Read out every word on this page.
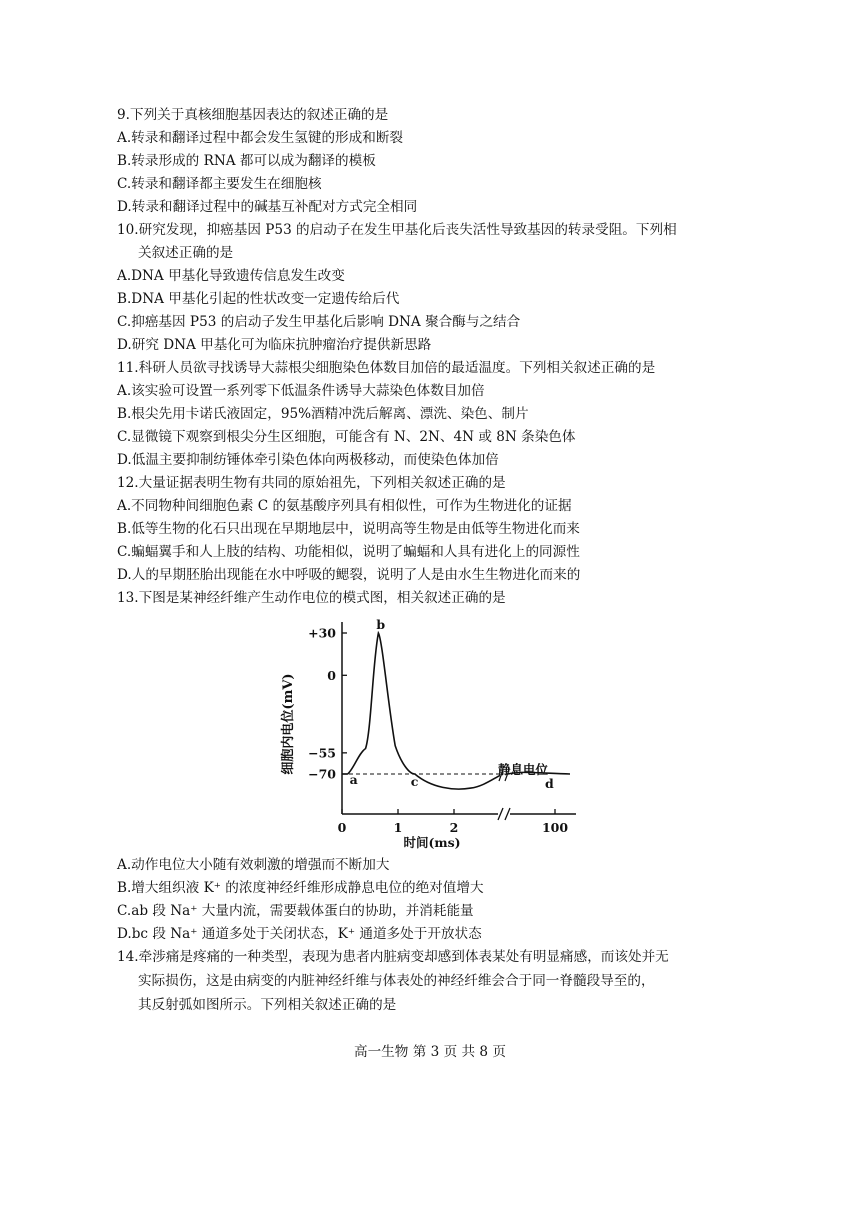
9.下列关于真核细胞基因表达的叙述正确的是
A.转录和翻译过程中都会发生氢键的形成和断裂
B.转录形成的 RNA 都可以成为翻译的模板
C.转录和翻译都主要发生在细胞核
D.转录和翻译过程中的碱基互补配对方式完全相同
10.研究发现，抑癌基因 P53 的启动子在发生甲基化后丧失活性导致基因的转录受阻。下列相
关叙述正确的是
A.DNA 甲基化导致遗传信息发生改变
B.DNA 甲基化引起的性状改变一定遗传给后代
C.抑癌基因 P53 的启动子发生甲基化后影响 DNA 聚合酶与之结合
D.研究 DNA 甲基化可为临床抗肿瘤治疗提供新思路
11.科研人员欲寻找诱导大蒜根尖细胞染色体数目加倍的最适温度。下列相关叙述正确的是
A.该实验可设置一系列零下低温条件诱导大蒜染色体数目加倍
B.根尖先用卡诺氏液固定，95%酒精冲洗后解离、漂洗、染色、制片
C.显微镜下观察到根尖分生区细胞，可能含有 N、2N、4N 或 8N 条染色体
D.低温主要抑制纺锤体牵引染色体向两极移动，而使染色体加倍
12.大量证据表明生物有共同的原始祖先，下列相关叙述正确的是
A.不同物种间细胞色素 C 的氨基酸序列具有相似性，可作为生物进化的证据
B.低等生物的化石只出现在早期地层中，说明高等生物是由低等生物进化而来
C.蝙蝠翼手和人上肢的结构、功能相似，说明了蝙蝠和人具有进化上的同源性
D.人的早期胚胎出现能在水中呼吸的鳃裂，说明了人是由水生生物进化而来的
13.下图是某神经纤维产生动作电位的模式图，相关叙述正确的是
+30
0
−55
−70
0	1	2	100
细胞内电位(mV)
时间(ms)
静息电位
a
b
c	d
A.动作电位大小随有效刺激的增强而不断加大
B.增大组织液 K⁺ 的浓度神经纤维形成静息电位的绝对值增大
C.ab 段 Na⁺ 大量内流，需要载体蛋白的协助，并消耗能量
D.bc 段 Na⁺ 通道多处于关闭状态，K⁺ 通道多处于开放状态
14.牵涉痛是疼痛的一种类型，表现为患者内脏病变却感到体表某处有明显痛感，而该处并无
实际损伤，这是由病变的内脏神经纤维与体表处的神经纤维会合于同一脊髓段导至的，
其反射弧如图所示。下列相关叙述正确的是
高一生物 第 3 页 共 8 页
